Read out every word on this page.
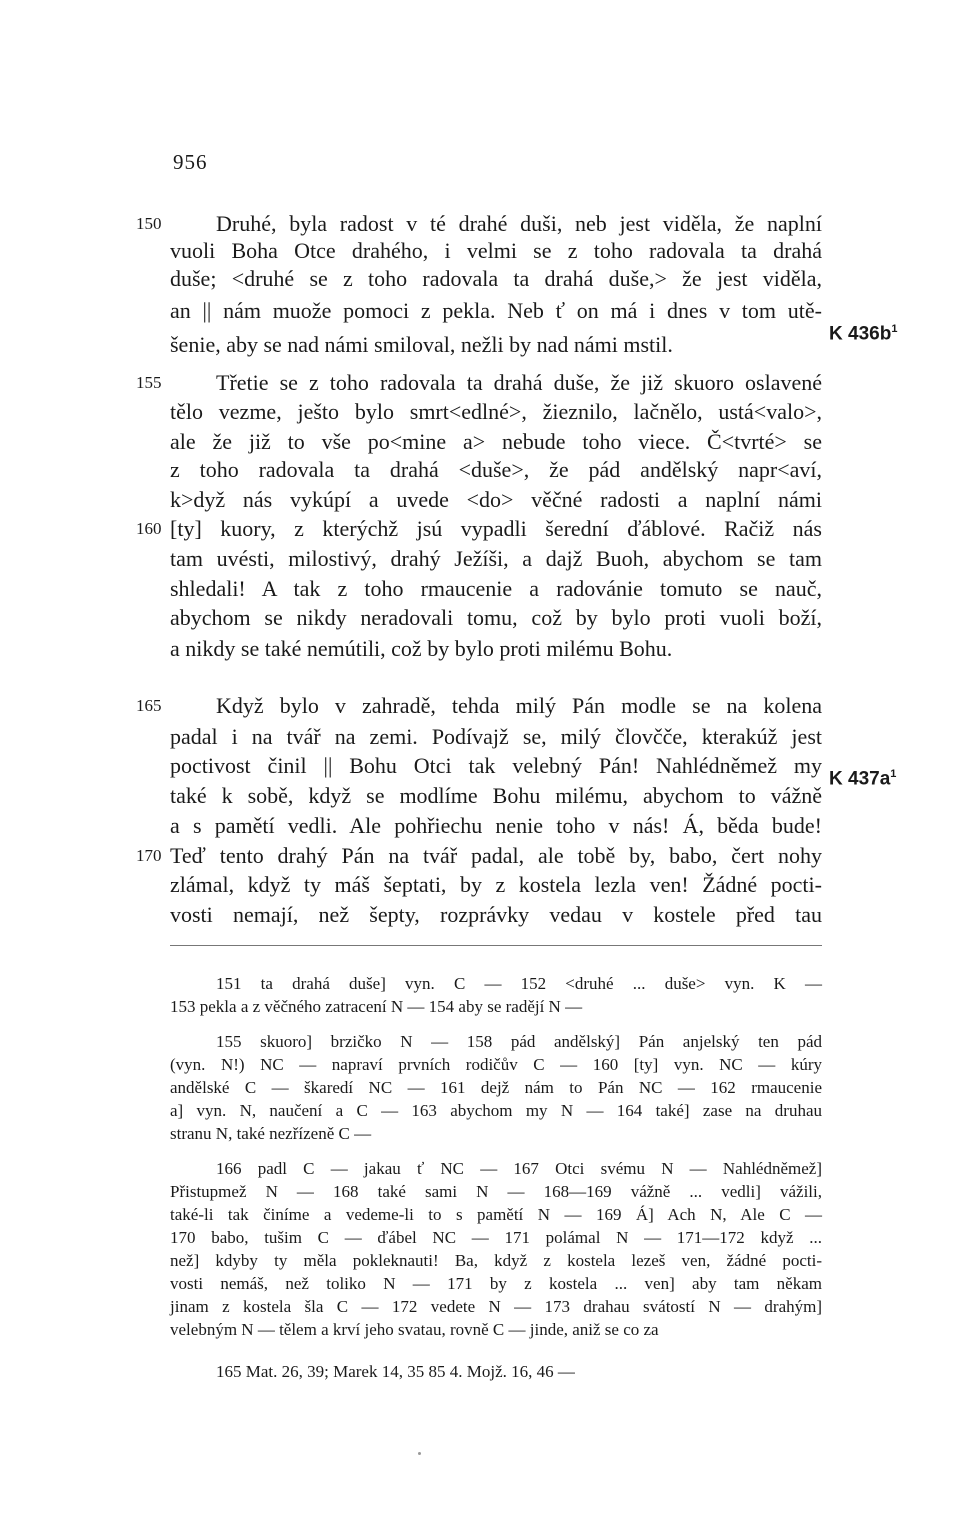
956
150	Druhé, byla radost v té drahé duši, neb jest viděla, že naplní
vuoli Boha Otce drahého, i velmi se z toho radovala ta drahá
duše; <druhé se z toho radovala ta drahá duše,> že jest viděla,
an || nám muože pomoci z pekla. Neb ť on má i dnes v tom utě-
šenie, aby se nad námi smiloval, nežli by nad námi mstil.
155	Třetie se z toho radovala ta drahá duše, že již skuoro oslavené
tělo vezme, ješto bylo smrt<edlné>, žieznilo, lačnělo, ustá<valo>,
ale že již to vše po<mine a> nebude toho viece. Č<tvrté> se
z toho radovala ta drahá <duše>, že pád andělský napr<aví,
k>dyž nás vykúpí a uvede <do> věčné radosti a naplní námi
160 [ty] kuory, z kterýchž jsú vypadli šerední ďáblové. Račiž nás
tam uvésti, milostivý, drahý Ježíši, a dajž Buoh, abychom se tam
shledali! A tak z toho rmaucenie a radovánie tomuto se nauč,
abychom se nikdy neradovali tomu, což by bylo proti vuoli boží,
a nikdy se také nemútili, což by bylo proti milému Bohu.
165	Když bylo v zahradě, tehda milý Pán modle se na kolena
padal i na tvář na zemi. Podívajž se, milý človčče, kterakúž jest
poctivost činil || Bohu Otci tak velebný Pán! Nahlédněmež my
také k sobě, když se modlíme Bohu milému, abychom to vážně
a s pamětí vedli. Ale pohřiechu nenie toho v nás! Á, běda bude!
170 Teď tento drahý Pán na tvář padal, ale tobě by, babo, čert nohy
zlámal, když ty máš šeptati, by z kostela lezla ven! Žádné pocti-
vosti nemají, než šepty, rozprávky vedau v kostele před tau
K $436b^1$
K $437a^1$
151 ta drahá duše] vyn. C — 152 <druhé ... duše> vyn. K —
153 pekla a z věčného zatracení N — 154 aby se radějí N —
155 skuoro] brzičko N — 158 pád andělský] Pán anjelský ten pád
(vyn. N!) NC — napraví prvních rodičův C — 160 [ty] vyn. NC — kúry
andělské C — škaredí NC — 161 dejž nám to Pán NC — 162 rmaucenie
a] vyn. N, naučení a C — 163 abychom my N — 164 také] zase na druhau
stranu N, také nezřízeně C —
166 padl C — jakau ť NC — 167 Otci svému N — Nahlédněmež]
Přistupmež N — 168 také sami N — 168—169 vážně ... vedli] vážili,
také-li tak činíme a vedeme-li to s pamětí N — 169 Á] Ach N, Ale C —
170 babo, tušim C — ďábel NC — 171 polámal N — 171—172 když ...
než] kdyby ty měla pokleknauti! Ba, když z kostela lezeš ven, žádné pocti-
vosti nemáš, než toliko N — 171 by z kostela ... ven] aby tam někam
jinam z kostela šla C — 172 vedete N — 173 drahau svátostí N — drahým]
velebným N — tělem a krví jeho svatau, rovně C — jinde, aniž se co za
165 Mat. 26, 39; Marek 14, 35 85 4. Mojž. 16, 46 —
